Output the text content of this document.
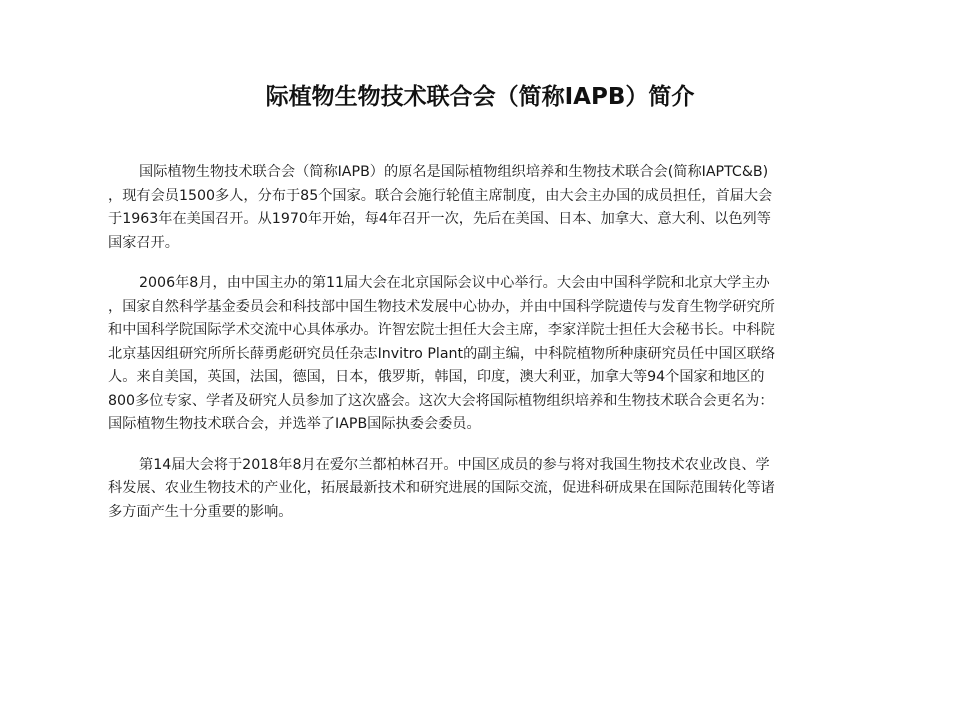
际植物生物技术联合会（简称IAPB）简介

国际植物生物技术联合会（简称IAPB）的原名是国际植物组织培养和生物技术联合会(简称IAPTC&B)
，现有会员1500多人，分布于85个国家。联合会施行轮值主席制度，由大会主办国的成员担任，首届大会
于1963年在美国召开。从1970年开始，每4年召开一次，先后在美国、日本、加拿大、意大利、以色列等
国家召开。

2006年8月，由中国主办的第11届大会在北京国际会议中心举行。大会由中国科学院和北京大学主办
，国家自然科学基金委员会和科技部中国生物技术发展中心协办，并由中国科学院遗传与发育生物学研究所
和中国科学院国际学术交流中心具体承办。许智宏院士担任大会主席，李家洋院士担任大会秘书长。中科院
北京基因组研究所所长薛勇彪研究员任杂志Invitro Plant的副主编，中科院植物所种康研究员任中国区联络
人。来自美国，英国，法国，德国，日本，俄罗斯，韩国，印度，澳大利亚，加拿大等94个国家和地区的
800多位专家、学者及研究人员参加了这次盛会。这次大会将国际植物组织培养和生物技术联合会更名为：
国际植物生物技术联合会，并选举了IAPB国际执委会委员。

第14届大会将于2018年8月在爱尔兰都柏林召开。中国区成员的参与将对我国生物技术农业改良、学
科发展、农业生物技术的产业化，拓展最新技术和研究进展的国际交流，促进科研成果在国际范围转化等诸
多方面产生十分重要的影响。
